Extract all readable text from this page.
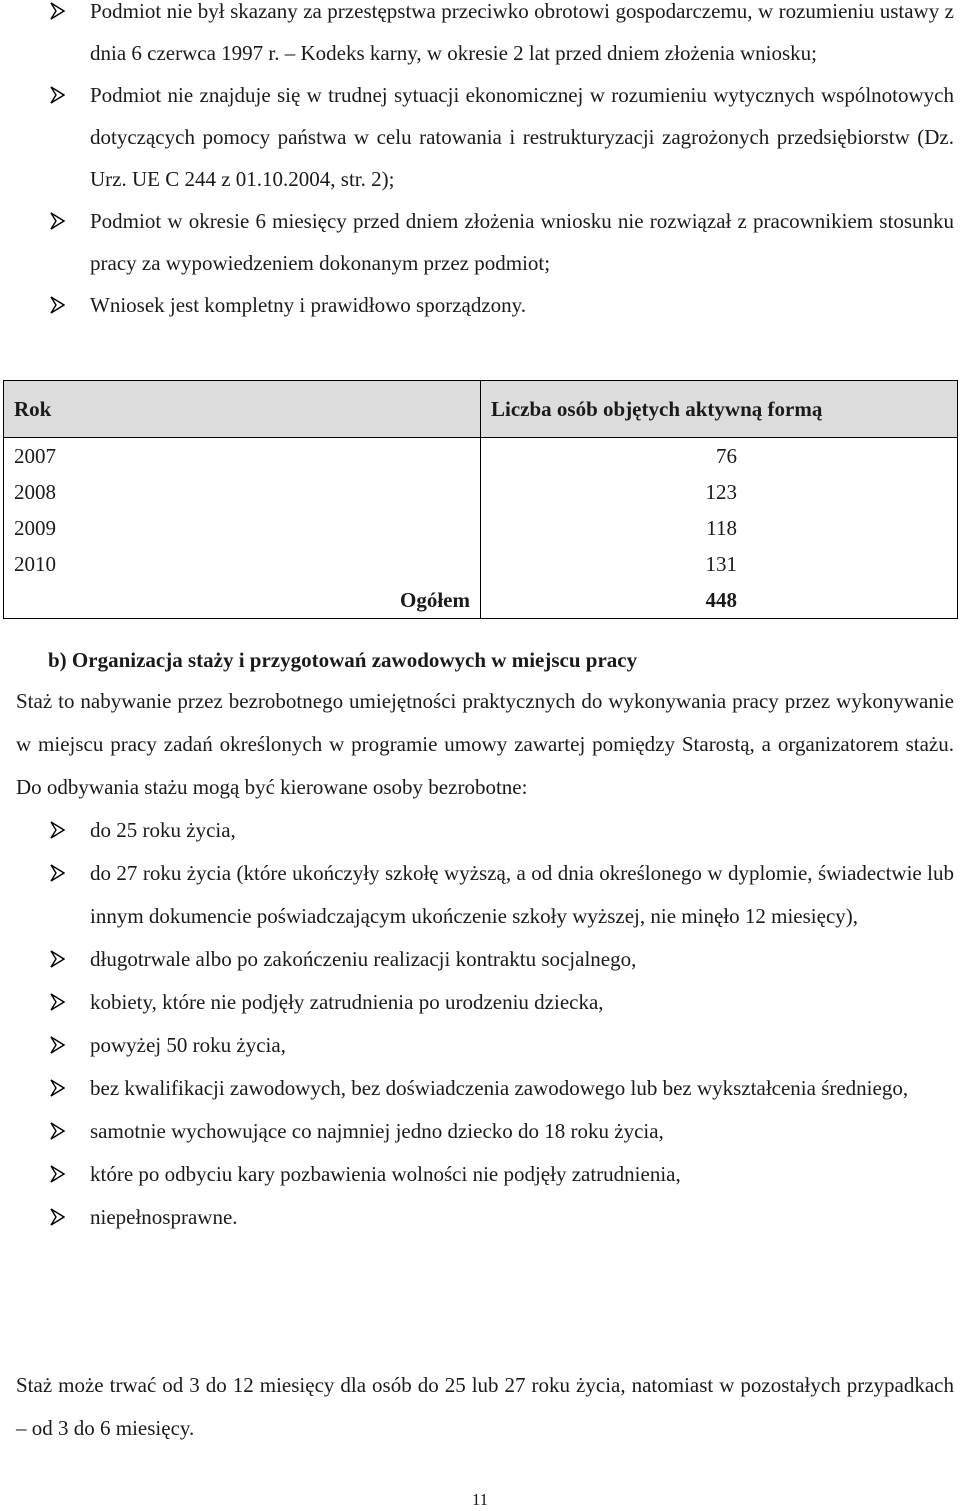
Podmiot nie był skazany za przestępstwa przeciwko obrotowi gospodarczemu, w rozumieniu ustawy z dnia 6 czerwca 1997 r. – Kodeks karny, w okresie 2 lat przed dniem złożenia wniosku;
Podmiot nie znajduje się w trudnej sytuacji ekonomicznej w rozumieniu wytycznych wspólnotowych dotyczących pomocy państwa w celu ratowania i restrukturyzacji zagrożonych przedsiębiorstw (Dz. Urz. UE C 244 z 01.10.2004, str. 2);
Podmiot w okresie 6 miesięcy przed dniem złożenia wniosku nie rozwiązał z pracownikiem stosunku pracy za wypowiedzeniem dokonanym przez podmiot;
Wniosek jest kompletny i prawidłowo sporządzony.
Rok	Liczba osób objętych aktywną formą
2007	76
2008	123
2009	118
2010	131
Ogółem	448

b) Organizacja staży i przygotowań zawodowych w miejscu pracy

Staż to nabywanie przez bezrobotnego umiejętności praktycznych do wykonywania pracy przez wykonywanie w miejscu pracy zadań określonych w programie umowy zawartej pomiędzy Starostą, a organizatorem stażu. Do odbywania stażu mogą być kierowane osoby bezrobotne:

do 25 roku życia,
do 27 roku życia (które ukończyły szkołę wyższą, a od dnia określonego w dyplomie, świadectwie lub innym dokumencie poświadczającym ukończenie szkoły wyższej, nie minęło 12 miesięcy),
długotrwale albo po zakończeniu realizacji kontraktu socjalnego,
kobiety, które nie podjęły zatrudnienia po urodzeniu dziecka,
powyżej 50 roku życia,
bez kwalifikacji zawodowych, bez doświadczenia zawodowego lub bez wykształcenia średniego,
samotnie wychowujące co najmniej jedno dziecko do 18 roku życia,
które po odbyciu kary pozbawienia wolności nie podjęły zatrudnienia,
niepełnosprawne.

Staż może trwać od 3 do 12 miesięcy dla osób do 25 lub 27 roku życia, natomiast w pozostałych przypadkach – od 3 do 6 miesięcy.

11
